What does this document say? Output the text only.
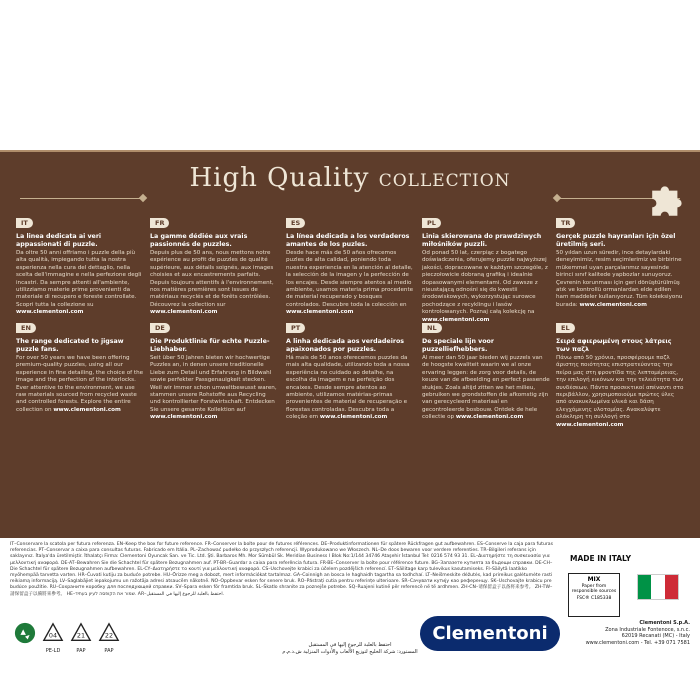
High Quality COLLECTION
IT
La linea dedicata ai veri appassionati di puzzle.
Da oltre 50 anni offriamo i puzzle della più alta qualità, impiegando tutta la nostra esperienza nella cura del dettaglio, nella scelta dell'immagine e nella perfezione degli incastri. Da sempre attenti all'ambiente, utilizziamo materie prime provenienti da materiale di recupero e foreste controllate. Scopri tutta la collezione su www.clementoni.com
FR
La gamme dédiée aux vrais passionnés de puzzles.
Depuis plus de 50 ans, nous mettons notre expérience au profit de puzzles de qualité supérieure, aux détails soignés, aux images choisies et aux encastrements parfaits. Depuis toujours attentifs à l'environnement, nos matières premières sont issues de matériaux recyclés et de forêts contrôlées. Découvrez la collection sur www.clementoni.com
ES
La línea dedicada a los verdaderos amantes de los puzles.
Desde hace más de 50 años ofrecemos puzles de alta calidad, poniendo toda nuestra experiencia en la atención al detalle, la selección de la imagen y la perfección de los encajes. Desde siempre atentos al medio ambiente, usamos materia prima procedente de material recuperado y bosques controlados. Descubre toda la colección en www.clementoni.com
PL
Linia skierowana do prawdziwych miłośników puzzli.
Od ponad 50 lat, czerpiąc z bogatego doświadczenia, oferujemy puzzle najwyższej jakości, dopracowane w każdym szczególe, z pieczołowicie dobraną grafiką i idealnie dopasowanymi elementami. Od zawsze z nieustającą odnośni się do kwestii środowiskowych, wykorzystując surowce pochodzące z recyklingu i lasów kontrolowanych. Poznaj całą kolekcję na www.clementoni.com
TR
Gerçek puzzle hayranları için özel üretilmiş seri.
50 yıldan uzun süredir, ince detaylardaki deneyimimiz, resim seçimlerimiz ve birbirine mükemmel uyan parçalarımız sayesinde birinci sınıf kalitede yapbozlar sunuyoruz. Çevrenin korunması için geri dönüştürülmüş atık ve kontrollü ormanlardan elde edilen ham maddeler kullanıyoruz. Tüm koleksiyonu burada: www.clementoni.com
EN
The range dedicated to jigsaw puzzle fans.
For over 50 years we have been offering premium-quality puzzles, using all our experience in fine detailing, the choice of the image and the perfection of the interlocks. Ever attentive to the environment, we use raw materials sourced from recycled waste and controlled forests. Explore the entire collection on www.clementoni.com
DE
Die Produktlinie für echte Puzzle-Liebhaber.
Seit über 50 Jahren bieten wir hochwertige Puzzles an, in denen unsere traditionelle Liebe zum Detail und Erfahrung in Bildwahl sowie perfekter Passgenauigkeit stecken. Weil wir immer schon umweltbewusst waren, stammen unsere Rohstoffe aus Recycling und kontrollierter Forstwirtschaft. Entdecken Sie unsere gesamte Kollektion auf www.clementoni.com
PT
A linha dedicada aos verdadeiros apaixonados por puzzles.
Há mais de 50 anos oferecemos puzzles da mais alta qualidade, utilizando toda a nossa experiência no cuidado ao detalhe, na escolha da imagem e na perfeição dos encaixes. Desde sempre atentos ao ambiente, utilizamos matérias-primas provenientes de material de recuperação e florestas controladas. Descubra toda a coleção em www.clementoni.com
NL
De speciale lijn voor puzzelliefhebbers.
Al meer dan 50 jaar bieden wij puzzels van de hoogste kwaliteit waarin we al onze ervaring leggen: de zorg voor details, de keuze van de afbeelding en perfect passende stukjes. Zoals altijd zitten we het milieu, gebruiken we grondstoffen die afkomstig zijn van gerecycleerd materiaal en gecontroleerde bosbouw. Ontdek de hele collectie op www.clementoni.com
EL
Σειρά αφιερωμένη στους λάτρεις των παζλ
Πάνω από 50 χρόνια, προσφέρουμε παζλ άριστης ποιότητας επιστρατεύοντας την πείρα μας στη φροντίδα της λεπτομέρειας, την επιλογή εικόνων και την τελειότητα των συνδέσεων. Πάντα προσεκτικοί απέναντι στο περιβάλλον, χρησιμοποιούμε πρώτες ύλες από ανακυκλωμένα υλικά και δάση ελεγχόμενης υλοτομίας. Ανακαλύψτε ολόκληρη τη συλλογή στο www.clementoni.com
IT–Conservare la scatola per futura referenza. EN–Keep the box for future reference. FR–Conserver la boîte pour de futures références. DE–Produktinformationen für spätere Rückfragen gut aufbewahren. ES–Conserve la caja para futuras referencias. PT–Conservar a caixa para consultas futuras. Fabricado em Itália. PL–Zachować pudełko do przyszłych referencji. Wyprodukowano we Włoszech. NL–De doos bewaren voor verdere referenties. TR–Bilgileri referans için saklayınız. İtalya'da üretilmiştir. İthalatçı Firma: Clementoni Oyuncak San. ve Tic. Ltd. Şti. Barbaros Mh. Mor Sümbül Sk. Meridian Business I Blok No:1/144 34746 Ataşehir İstanbul Tel: 0216 574 93 31. EL–Διατηρήστε τη συσκευασία για μελλοντική αναφορά. DE-AT–Bewahren Sie die Schachtel für spätere Bezugnahmen auf. PT-BR–Guardar a caixa para referência futura. FR-BE–Conserver la boîte pour référence future. BG–Запазете кутията за бъдещи справки. DE-CH–Die Schachtel für spätere Bezugnahmen aufbewahren. EL-CY–Διατηρήστε το κουτί για μελλοντική αναφορά. CS–Uschovejte krabici za účelem pozdějších referencí. ET–Säilitage karp tulevikus kasutamiseks. FI–Säilytä laatikko myöhempää tarvetta varten. HR–Čuvati kutiju za buduće potrebe. HU–Őrizze meg a dobozt, mert információkat tartalmaz. GA–Coinnigh an bosca le haghaidh tagartha sa todhchaí. LT–Neišmeskite dėžutės, kad prireikus galėtumėte rasti reikiamą informaciją. LV–Saglabājiet iepakojumu un ražotāja adresi atsaucēm nākotnē. NO–Oppbevar esken for senere bruk. RO–Păstrați cutia pentru referințe ulterioare. SR–Сачувати кутију као референцу. SK–Uschovajte krabicu pre budúce použitie. RU–Сохраните коробку для последующей справки. SV–Spara esken för framtida bruk. SL–Škatlo shranite za poznejše potrebe. SQ–Ruajeni kutinë për referencë në të ardhmen. ZH-CN–请保留盒子以备将来参考。 ZH-TW–請保留盒子以備將來參考。 HE–שמור את הקופסה לעיון בעתיד. AR–احتفظ بالعلبة للرجوع إليها في المستقبل.
04
PE-LD
21
PAP
22
PAP
احتفظ بالعلبة للرجوع إليها في المستقبل
المستورد: شركة الخليج لتوزيع الألعاب والأدوات المنزلية ش.ذ.م.م
Clementoni
MADE IN ITALY
MIX
Paper from responsible sources
FSC® C185338
Clementoni S.p.A.
Zona Industriale Fontenoce, s.n.c.
62019 Recanati (MC) - Italy
www.clementoni.com - Tel. +39 071 7581
